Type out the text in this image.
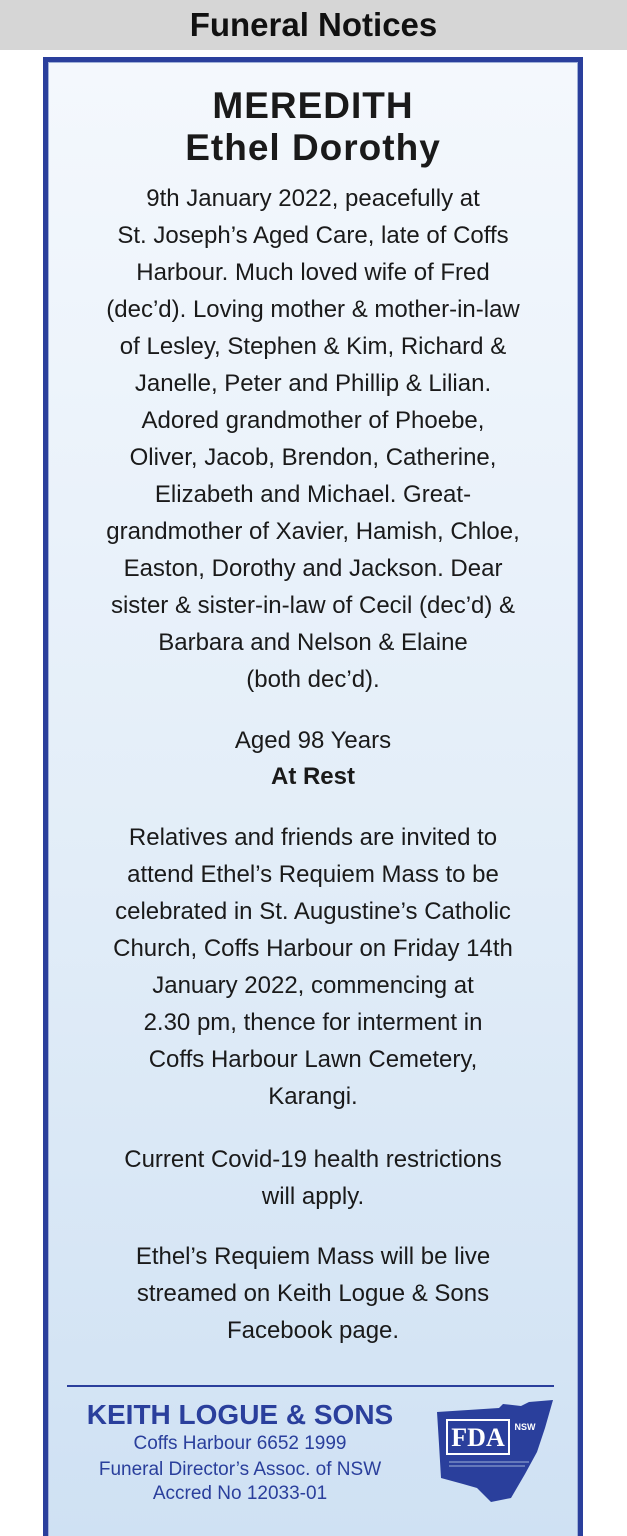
Funeral Notices
MEREDITH
Ethel Dorothy
9th January 2022, peacefully at
St. Joseph’s Aged Care, late of Coffs
Harbour. Much loved wife of Fred
(dec’d). Loving mother & mother-in-law
of Lesley, Stephen & Kim, Richard &
Janelle, Peter and Phillip & Lilian.
Adored grandmother of Phoebe,
Oliver, Jacob, Brendon, Catherine,
Elizabeth and Michael. Great-
grandmother of Xavier, Hamish, Chloe,
Easton, Dorothy and Jackson. Dear
sister & sister-in-law of Cecil (dec’d) &
Barbara and Nelson & Elaine
(both dec’d).
Aged 98 Years
At Rest
Relatives and friends are invited to
attend Ethel’s Requiem Mass to be
celebrated in St. Augustine’s Catholic
Church, Coffs Harbour on Friday 14th
January 2022, commencing at
2.30 pm, thence for interment in
Coffs Harbour Lawn Cemetery,
Karangi.
Current Covid-19 health restrictions
will apply.
Ethel’s Requiem Mass will be live
streamed on Keith Logue & Sons
Facebook page.
KEITH LOGUE & SONS
Coffs Harbour 6652 1999
Funeral Director’s Assoc. of NSW
Accred No 12033-01
FDA NSW
